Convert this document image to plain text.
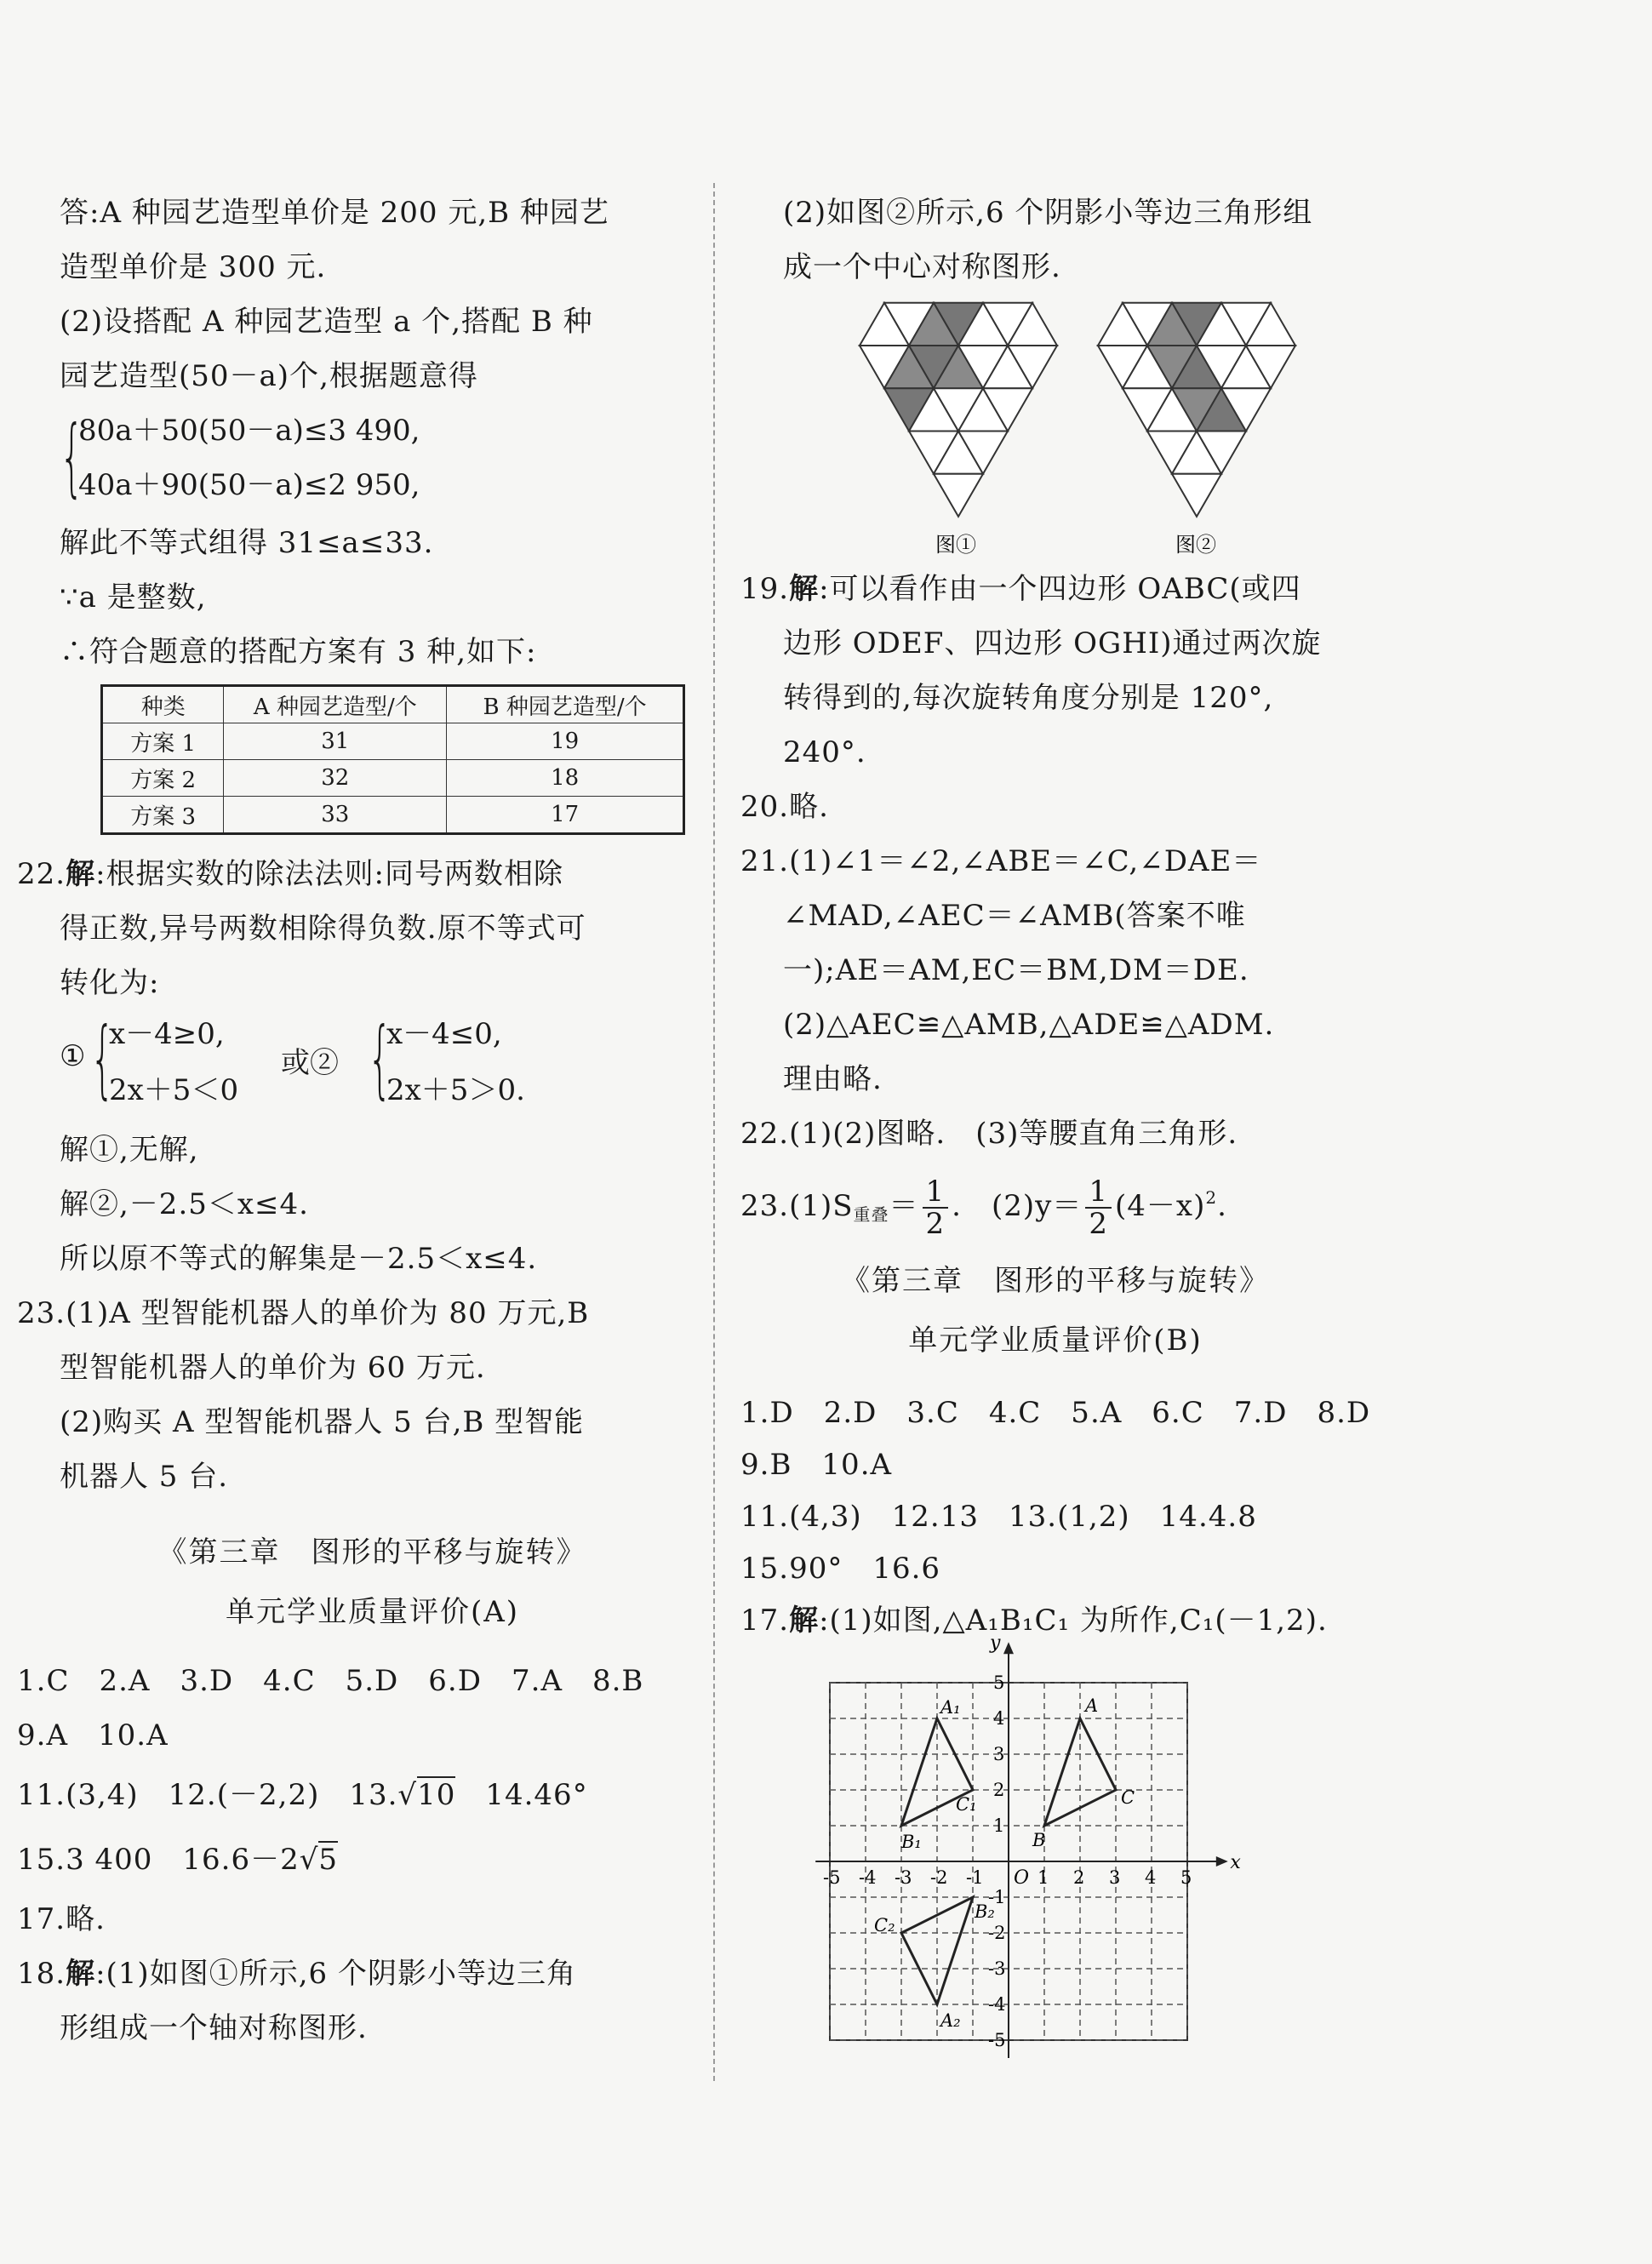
答:A 种园艺造型单价是 200 元,B 种园艺
造型单价是 300 元.
(2)设搭配 A 种园艺造型 a 个,搭配 B 种
园艺造型(50－a)个,根据题意得
{
80a＋50(50－a)≤3 490,
40a＋90(50－a)≤2 950,
解此不等式组得 31≤a≤33.
∵a 是整数,
∴符合题意的搭配方案有 3 种,如下:
种类	A 种园艺造型/个	B 种园艺造型/个
方案 1	31	19
方案 2	32	18
方案 3	33	17
22.解:根据实数的除法法则:同号两数相除
得正数,异号两数相除得负数.原不等式可
转化为:
① {
x－4≥0,
2x＋5＜0
或② {
x－4≤0,
2x＋5＞0.
解①,无解,
解②,－2.5＜x≤4.
所以原不等式的解集是－2.5＜x≤4.
23.(1)A 型智能机器人的单价为 80 万元,B
型智能机器人的单价为 60 万元.
(2)购买 A 型智能机器人 5 台,B 型智能
机器人 5 台.
《第三章　图形的平移与旋转》
单元学业质量评价(A)
1.C　2.A　3.D　4.C　5.D　6.D　7.A　8.B
9.A　10.A
11.(3,4)　12.(－2,2)　13.√10　14.46°
15.3 400　16.6－2√5
17.略.
18.解:(1)如图①所示,6 个阴影小等边三角
形组成一个轴对称图形.
(2)如图②所示,6 个阴影小等边三角形组
成一个中心对称图形.
图①	图②
19.解:可以看作由一个四边形 OABC(或四
边形 ODEF、四边形 OGHI)通过两次旋
转得到的,每次旋转角度分别是 120°,
240°.
20.略.
21.(1)∠1＝∠2,∠ABE＝∠C,∠DAE＝
∠MAD,∠AEC＝∠AMB(答案不唯
一);AE＝AM,EC＝BM,DM＝DE.
(2)△AEC≌△AMB,△ADE≌△ADM.
理由略.
22.(1)(2)图略.　(3)等腰直角三角形.
$23.(1)S_{重叠}= \frac{1}{2}$ .　$(2)y= \frac{1}{2} (4-x)^2$.
《第三章　图形的平移与旋转》
单元学业质量评价(B)
1.D　2.D　3.C　4.C　5.A　6.C　7.D　8.D
9.B　10.A
11.(4,3)　12.13　13.(1,2)　14.4.8
15.90°　16.6
17.解:(1)如图,△A₁B₁C₁ 为所作,C₁(－1,2).
x
y
O
-5 -4 -3 -2 -1	1 2 3 4 5
5
4
3
2
1
-1
-2
-3
-4
-5
A
B
C
A₁
B₁
C₁
A₂
B₂
C₂
